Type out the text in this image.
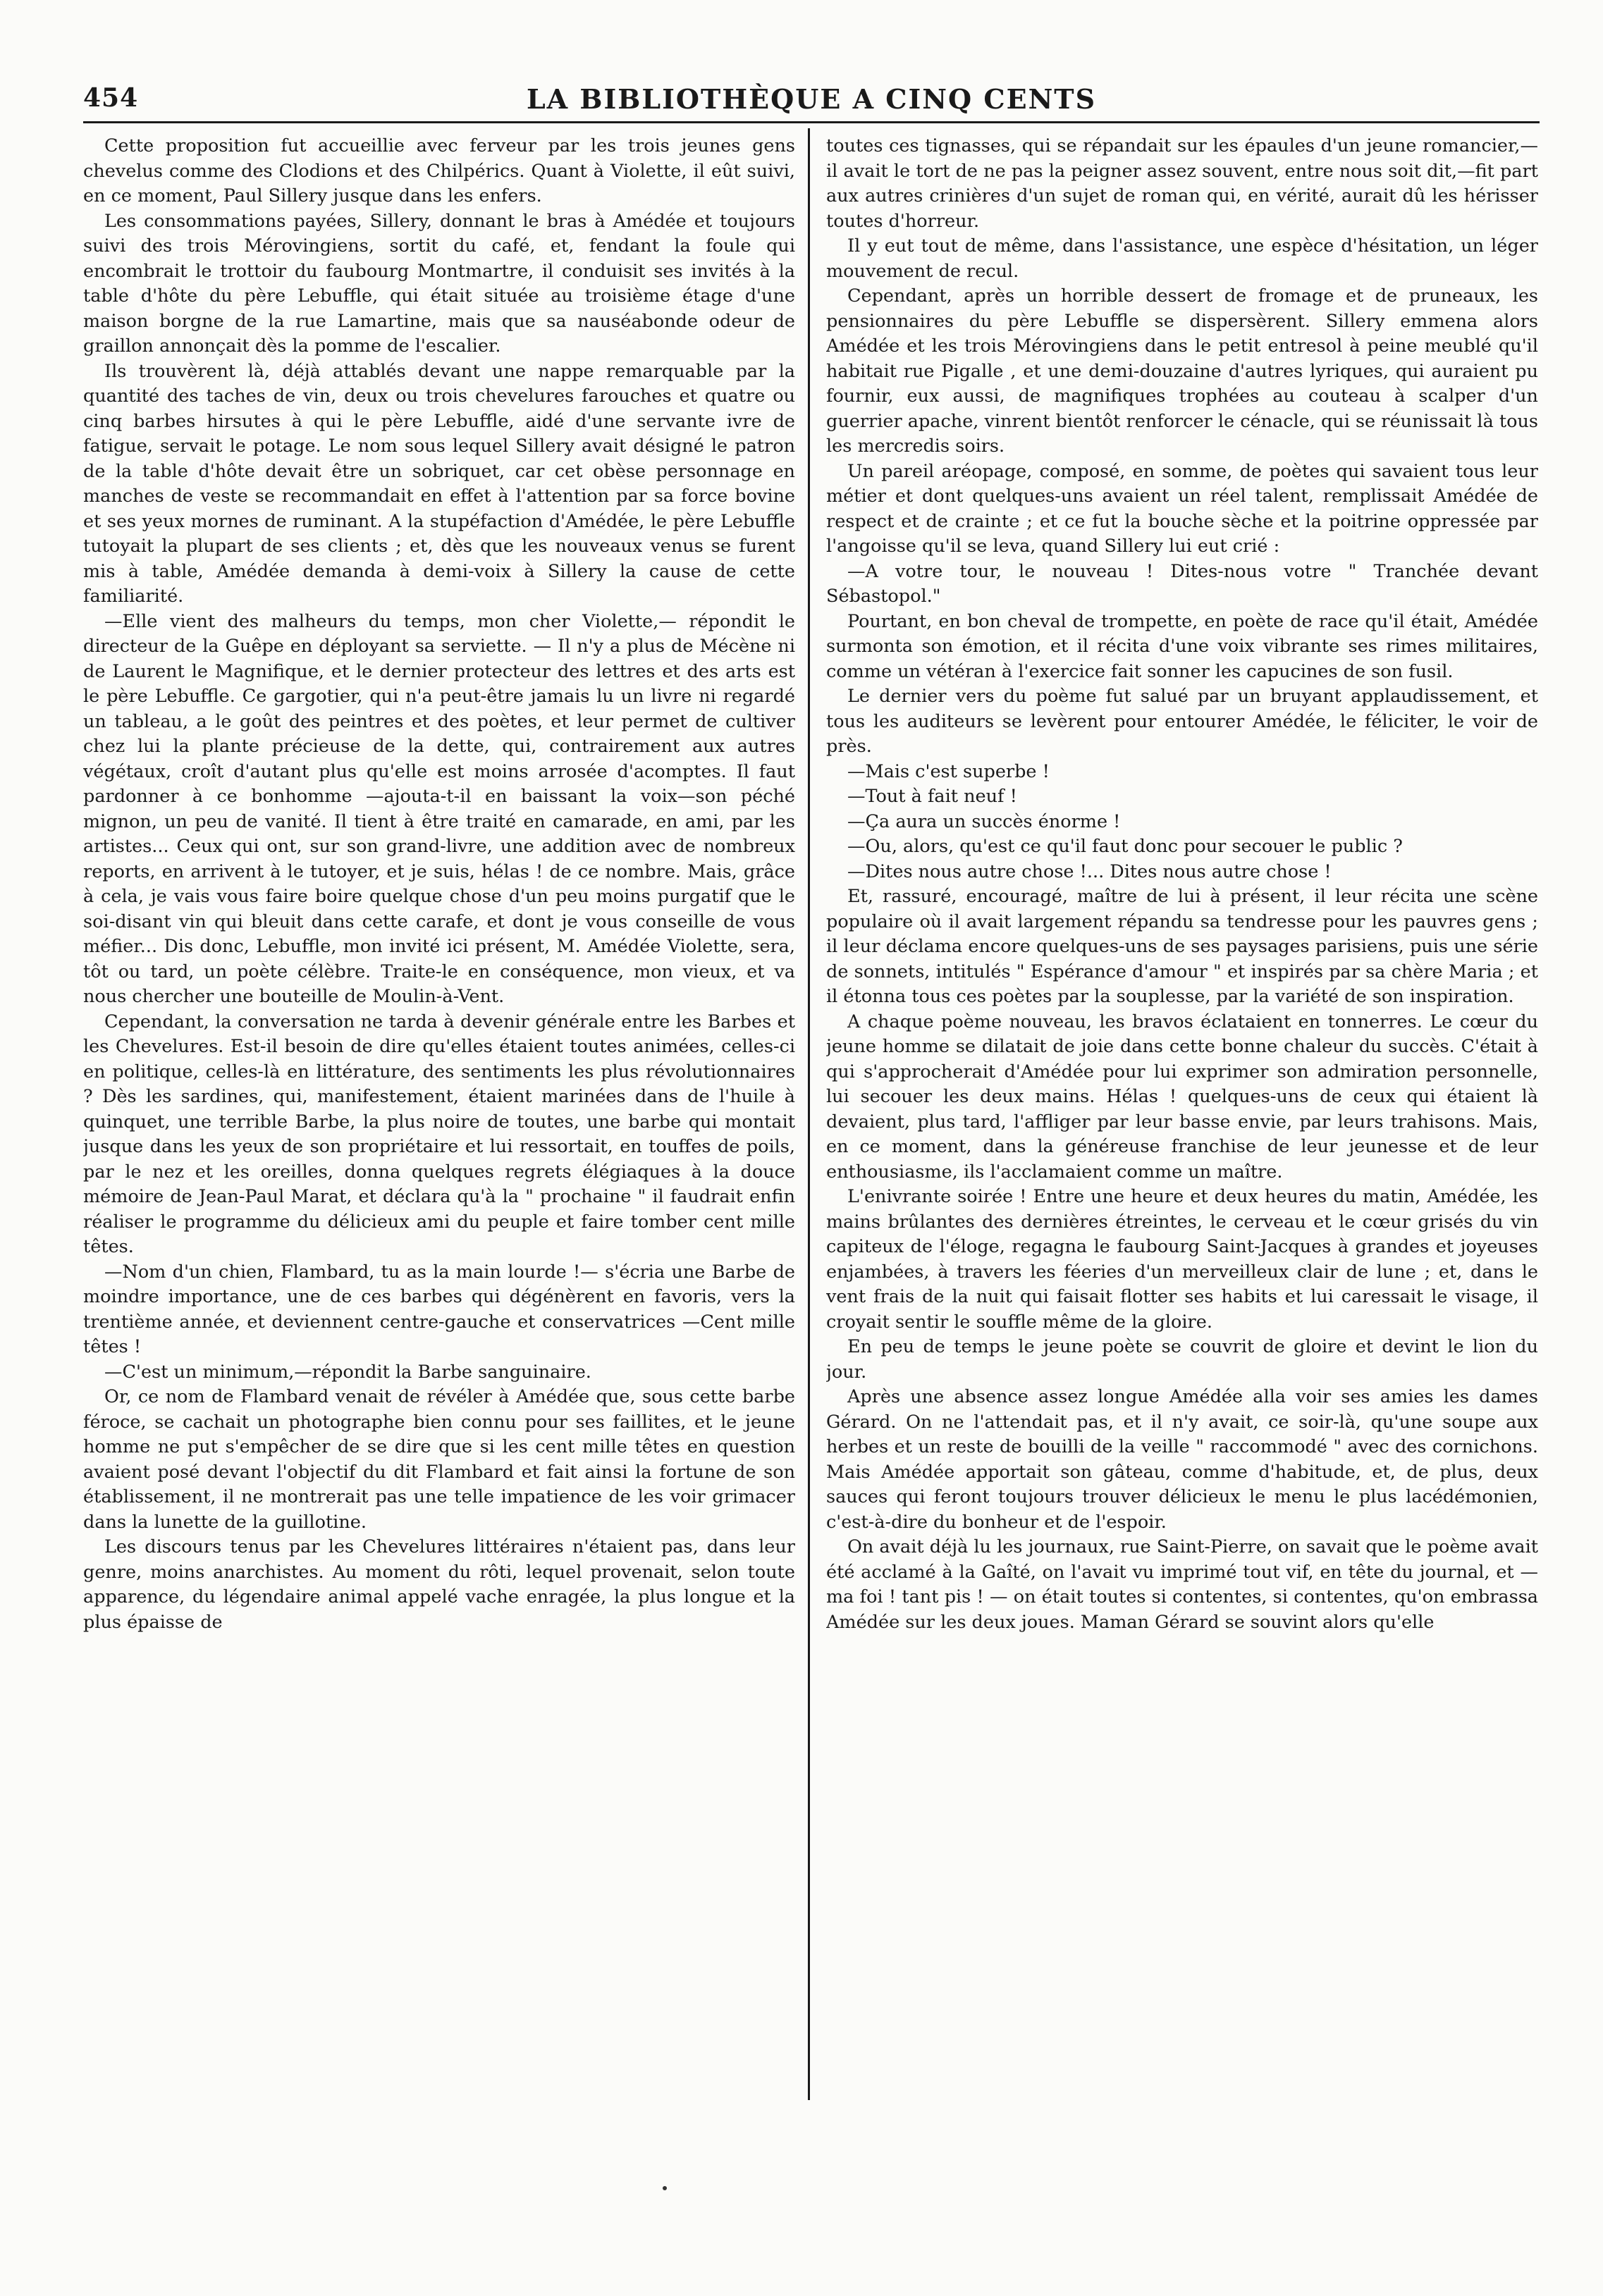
454	LA BIBLIOTHÈQUE A CINQ CENTS

Cette proposition fut accueillie avec ferveur par les trois jeunes gens chevelus comme des Clodions et des Chilpérics. Quant à Violette, il eût suivi, en ce moment, Paul Sillery jusque dans les enfers.

Les consommations payées, Sillery, donnant le bras à Amédée et toujours suivi des trois Mérovingiens, sortit du café, et, fendant la foule qui encombrait le trottoir du faubourg Montmartre, il conduisit ses invités à la table d'hôte du père Lebuffle, qui était située au troisième étage d'une maison borgne de la rue Lamartine, mais que sa nauséabonde odeur de graillon annonçait dès la pomme de l'escalier.

Ils trouvèrent là, déjà attablés devant une nappe remarquable par la quantité des taches de vin, deux ou trois chevelures farouches et quatre ou cinq barbes hirsutes à qui le père Lebuffle, aidé d'une servante ivre de fatigue, servait le potage. Le nom sous lequel Sillery avait désigné le patron de la table d'hôte devait être un sobriquet, car cet obèse personnage en manches de veste se recommandait en effet à l'attention par sa force bovine et ses yeux mornes de ruminant. A la stupéfaction d'Amédée, le père Lebuffle tutoyait la plupart de ses clients ; et, dès que les nouveaux venus se furent mis à table, Amédée demanda à demi-voix à Sillery la cause de cette familiarité.

—Elle vient des malheurs du temps, mon cher Violette,— répondit le directeur de la Guêpe en déployant sa serviette. — Il n'y a plus de Mécène ni de Laurent le Magnifique, et le dernier protecteur des lettres et des arts est le père Lebuffle. Ce gargotier, qui n'a peut-être jamais lu un livre ni regardé un tableau, a le goût des peintres et des poètes, et leur permet de cultiver chez lui la plante précieuse de la dette, qui, contrairement aux autres végétaux, croît d'autant plus qu'elle est moins arrosée d'acomptes. Il faut pardonner à ce bonhomme —ajouta-t-il en baissant la voix—son péché mignon, un peu de vanité. Il tient à être traité en camarade, en ami, par les artistes... Ceux qui ont, sur son grand-livre, une addition avec de nombreux reports, en arrivent à le tutoyer, et je suis, hélas ! de ce nombre. Mais, grâce à cela, je vais vous faire boire quelque chose d'un peu moins purgatif que le soi-disant vin qui bleuit dans cette carafe, et dont je vous conseille de vous méfier... Dis donc, Lebuffle, mon invité ici présent, M. Amédée Violette, sera, tôt ou tard, un poète célèbre. Traite-le en conséquence, mon vieux, et va nous chercher une bouteille de Moulin-à-Vent.

Cependant, la conversation ne tarda à devenir générale entre les Barbes et les Chevelures. Est-il besoin de dire qu'elles étaient toutes animées, celles-ci en politique, celles-là en littérature, des sentiments les plus révolutionnaires ? Dès les sardines, qui, manifestement, étaient marinées dans de l'huile à quinquet, une terrible Barbe, la plus noire de toutes, une barbe qui montait jusque dans les yeux de son propriétaire et lui ressortait, en touffes de poils, par le nez et les oreilles, donna quelques regrets élégiaques à la douce mémoire de Jean-Paul Marat, et déclara qu'à la " prochaine " il faudrait enfin réaliser le programme du délicieux ami du peuple et faire tomber cent mille têtes.

—Nom d'un chien, Flambard, tu as la main lourde !— s'écria une Barbe de moindre importance, une de ces barbes qui dégénèrent en favoris, vers la trentième année, et deviennent centre-gauche et conservatrices —Cent mille têtes !

—C'est un minimum,—répondit la Barbe sanguinaire.

Or, ce nom de Flambard venait de révéler à Amédée que, sous cette barbe féroce, se cachait un photographe bien connu pour ses faillites, et le jeune homme ne put s'empêcher de se dire que si les cent mille têtes en question avaient posé devant l'objectif du dit Flambard et fait ainsi la fortune de son établissement, il ne montrerait pas une telle impatience de les voir grimacer dans la lunette de la guillotine.

Les discours tenus par les Chevelures littéraires n'étaient pas, dans leur genre, moins anarchistes. Au moment du rôti, lequel provenait, selon toute apparence, du légendaire animal appelé vache enragée, la plus longue et la plus épaisse de

toutes ces tignasses, qui se répandait sur les épaules d'un jeune romancier,—il avait le tort de ne pas la peigner assez souvent, entre nous soit dit,—fit part aux autres crinières d'un sujet de roman qui, en vérité, aurait dû les hérisser toutes d'horreur.

Il y eut tout de même, dans l'assistance, une espèce d'hésitation, un léger mouvement de recul.

Cependant, après un horrible dessert de fromage et de pruneaux, les pensionnaires du père Lebuffle se dispersèrent. Sillery emmena alors Amédée et les trois Mérovingiens dans le petit entresol à peine meublé qu'il habitait rue Pigalle , et une demi-douzaine d'autres lyriques, qui auraient pu fournir, eux aussi, de magnifiques trophées au couteau à scalper d'un guerrier apache, vinrent bientôt renforcer le cénacle, qui se réunissait là tous les mercredis soirs.

Un pareil aréopage, composé, en somme, de poètes qui savaient tous leur métier et dont quelques-uns avaient un réel talent, remplissait Amédée de respect et de crainte ; et ce fut la bouche sèche et la poitrine oppressée par l'angoisse qu'il se leva, quand Sillery lui eut crié :

—A votre tour, le nouveau ! Dites-nous votre " Tranchée devant Sébastopol."

Pourtant, en bon cheval de trompette, en poète de race qu'il était, Amédée surmonta son émotion, et il récita d'une voix vibrante ses rimes militaires, comme un vétéran à l'exercice fait sonner les capucines de son fusil.

Le dernier vers du poème fut salué par un bruyant applaudissement, et tous les auditeurs se levèrent pour entourer Amédée, le féliciter, le voir de près.

—Mais c'est superbe !

—Tout à fait neuf !

—Ça aura un succès énorme !

—Ou, alors, qu'est ce qu'il faut donc pour secouer le public ?

—Dites nous autre chose !... Dites nous autre chose !

Et, rassuré, encouragé, maître de lui à présent, il leur récita une scène populaire où il avait largement répandu sa tendresse pour les pauvres gens ; il leur déclama encore quelques-uns de ses paysages parisiens, puis une série de sonnets, intitulés " Espérance d'amour " et inspirés par sa chère Maria ; et il étonna tous ces poètes par la souplesse, par la variété de son inspiration.

A chaque poème nouveau, les bravos éclataient en tonnerres. Le cœur du jeune homme se dilatait de joie dans cette bonne chaleur du succès. C'était à qui s'approcherait d'Amédée pour lui exprimer son admiration personnelle, lui secouer les deux mains. Hélas ! quelques-uns de ceux qui étaient là devaient, plus tard, l'affliger par leur basse envie, par leurs trahisons. Mais, en ce moment, dans la généreuse franchise de leur jeunesse et de leur enthousiasme, ils l'acclamaient comme un maître.

L'enivrante soirée ! Entre une heure et deux heures du matin, Amédée, les mains brûlantes des dernières étreintes, le cerveau et le cœur grisés du vin capiteux de l'éloge, regagna le faubourg Saint-Jacques à grandes et joyeuses enjambées, à travers les féeries d'un merveilleux clair de lune ; et, dans le vent frais de la nuit qui faisait flotter ses habits et lui caressait le visage, il croyait sentir le souffle même de la gloire.

En peu de temps le jeune poète se couvrit de gloire et devint le lion du jour.

Après une absence assez longue Amédée alla voir ses amies les dames Gérard. On ne l'attendait pas, et il n'y avait, ce soir-là, qu'une soupe aux herbes et un reste de bouilli de la veille " raccommodé " avec des cornichons. Mais Amédée apportait son gâteau, comme d'habitude, et, de plus, deux sauces qui feront toujours trouver délicieux le menu le plus lacédémonien, c'est-à-dire du bonheur et de l'espoir.

On avait déjà lu les journaux, rue Saint-Pierre, on savait que le poème avait été acclamé à la Gaîté, on l'avait vu imprimé tout vif, en tête du journal, et — ma foi ! tant pis ! — on était toutes si contentes, si contentes, qu'on embrassa Amédée sur les deux joues. Maman Gérard se souvint alors qu'elle
